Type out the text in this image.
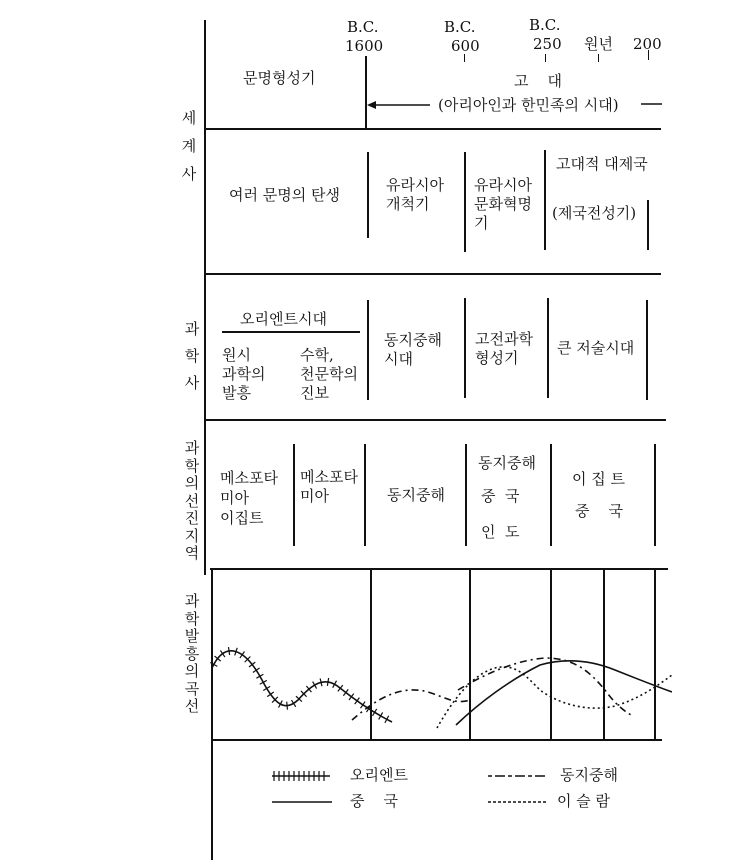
세
계
사
과
학
사
과
학
의
선
진
지
역
과
학
발
흥
의
곡
선
B.C.
1600
B.C.
600
B.C.
250 원년 200
문명형성기	고    대
(아리아인과 한민족의 시대)
여러 문명의 탄생
유라시아
개척기
유라시아
문화혁명
기
고대적 대제국
(제국전성기)
오리엔트시대
원시
과학의
발흥
수학,
천문학의
진보
동지중해
시대
고전과학
형성기
큰 저술시대
메소포타
미아
이집트
메소포타
미아	동지중해
동지중해
중  국
인  도
이 집 트
중    국
오리엔트
중    국
동지중해
이 슬 람
